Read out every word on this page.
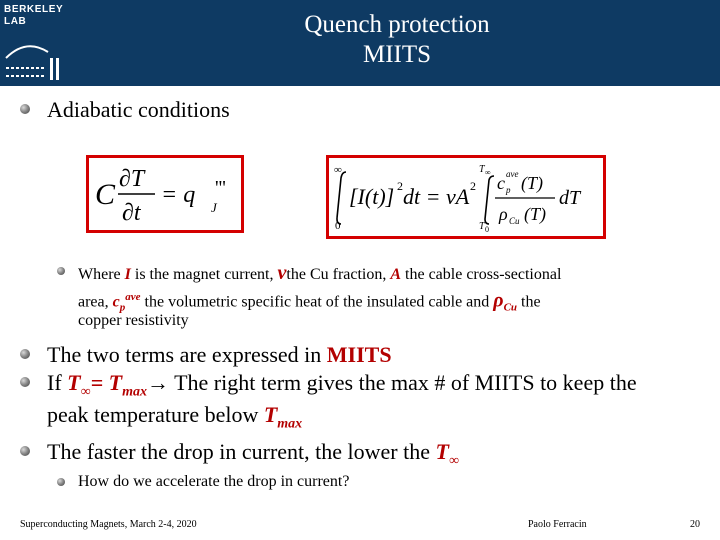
BERKELEY
LAB	Quench protection
MIITS
Adiabatic conditions
C ∂T
∂t
= q J
'''
∞
0
[I(t)] 2 dt = νA 2
T ∞
T 0
c ave
p (T)
ρ Cu (T)
dT
Where I is the magnet current, νthe Cu fraction, A the cable cross-sectional
area, $c_p^{ave}$ the volumetric specific heat of the insulated cable and $\rho_{Cu}$ the
copper resistivity
The two terms are expressed in MIITS
If $T_\infty= T_{max}\to$ The right term gives the max # of MIITS to keep the
peak temperature below $T_{max}$
The faster the drop in current, the lower the $T_\infty$
How do we accelerate the drop in current?
Superconducting Magnets, March 2-4, 2020	Paolo Ferracin	20
